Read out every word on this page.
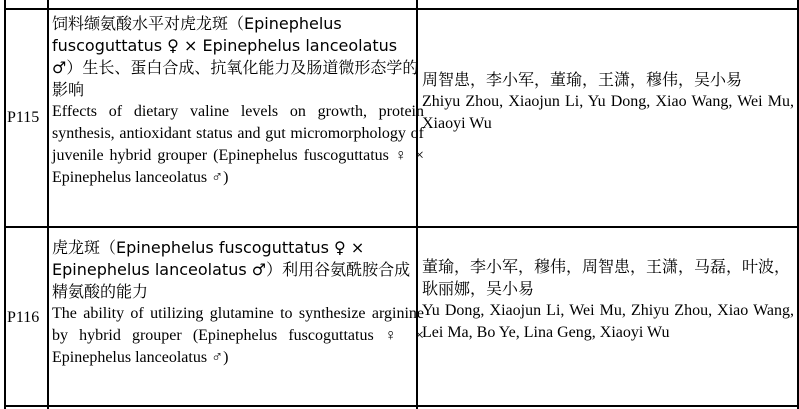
P115
饲料缬氨酸水平对虎龙斑（Epinephelus fuscoguttatus ♀ × Epinephelus lanceolatus ♂）生长、蛋白合成、抗氧化能力及肠道微形态学的影响
Effects of dietary valine levels on growth, protein synthesis, antioxidant status and gut micromorphology of juvenile hybrid grouper (Epinephelus fuscoguttatus ♀ × Epinephelus lanceolatus ♂)
周智患，李小军，董瑜，王潇，穆伟，吴小易
Zhiyu Zhou, Xiaojun Li, Yu Dong, Xiao Wang, Wei Mu, Xiaoyi Wu
P116
虎龙斑（Epinephelus fuscoguttatus ♀ × Epinephelus lanceolatus ♂）利用谷氨酰胺合成精氨酸的能力
The ability of utilizing glutamine to synthesize arginine by hybrid grouper (Epinephelus fuscoguttatus ♀ × Epinephelus lanceolatus ♂)
董瑜，李小军，穆伟，周智患，王潇，马磊，叶波，耿丽娜，吴小易
Yu Dong, Xiaojun Li, Wei Mu, Zhiyu Zhou, Xiao Wang, Lei Ma, Bo Ye, Lina Geng, Xiaoyi Wu
